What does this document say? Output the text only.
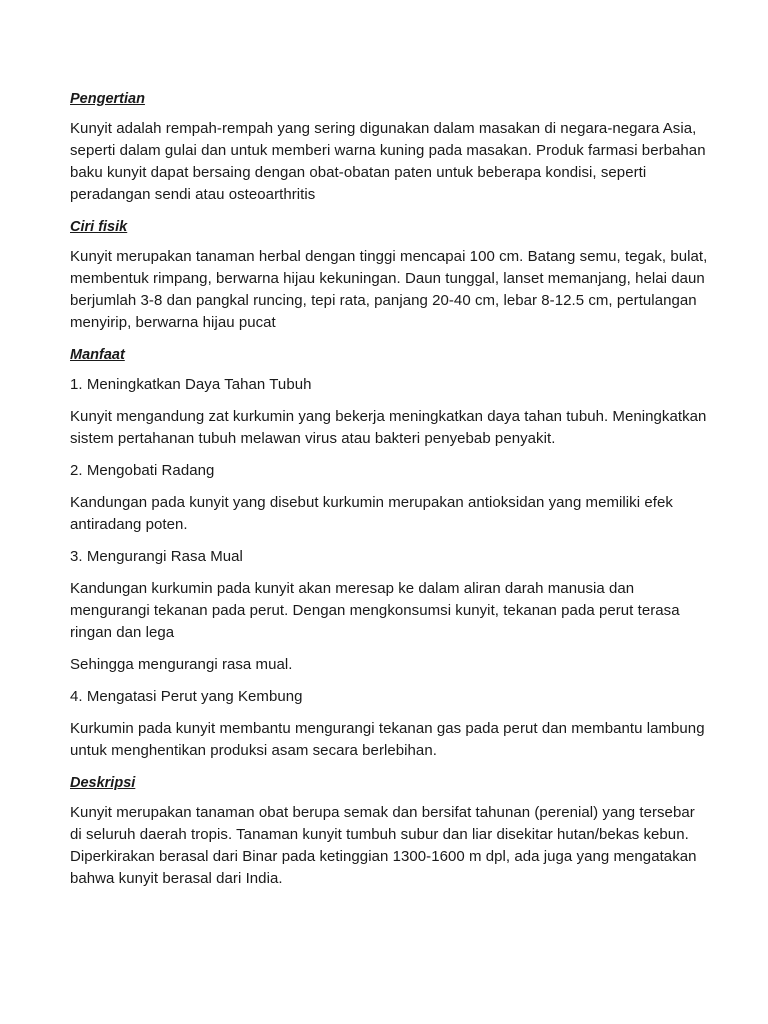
Pengertian

Kunyit adalah rempah-rempah yang sering digunakan dalam masakan di negara-negara Asia, seperti dalam gulai dan untuk memberi warna kuning pada masakan. Produk farmasi berbahan baku kunyit dapat bersaing dengan obat-obatan paten untuk beberapa kondisi, seperti peradangan sendi atau osteoarthritis

Ciri fisik

Kunyit merupakan tanaman herbal dengan tinggi mencapai 100 cm. Batang semu, tegak, bulat, membentuk rimpang, berwarna hijau kekuningan. Daun tunggal, lanset memanjang, helai daun berjumlah 3-8 dan pangkal runcing, tepi rata, panjang 20-40 cm, lebar 8-12.5 cm, pertulangan menyirip, berwarna hijau pucat

Manfaat

1. Meningkatkan Daya Tahan Tubuh

Kunyit mengandung zat kurkumin yang bekerja meningkatkan daya tahan tubuh. Meningkatkan sistem pertahanan tubuh melawan virus atau bakteri penyebab penyakit.

2. Mengobati Radang

Kandungan pada kunyit yang disebut kurkumin merupakan antioksidan yang memiliki efek antiradang poten.

3. Mengurangi Rasa Mual

Kandungan kurkumin pada kunyit akan meresap ke dalam aliran darah manusia dan mengurangi tekanan pada perut. Dengan mengkonsumsi kunyit, tekanan pada perut terasa ringan dan lega

Sehingga mengurangi rasa mual.

4. Mengatasi Perut yang Kembung

Kurkumin pada kunyit membantu mengurangi tekanan gas pada perut dan membantu lambung untuk menghentikan produksi asam secara berlebihan.

Deskripsi

Kunyit merupakan tanaman obat berupa semak dan bersifat tahunan (perenial) yang tersebar di seluruh daerah tropis. Tanaman kunyit tumbuh subur dan liar disekitar hutan/bekas kebun. Diperkirakan berasal dari Binar pada ketinggian 1300-1600 m dpl, ada juga yang mengatakan bahwa kunyit berasal dari India.
